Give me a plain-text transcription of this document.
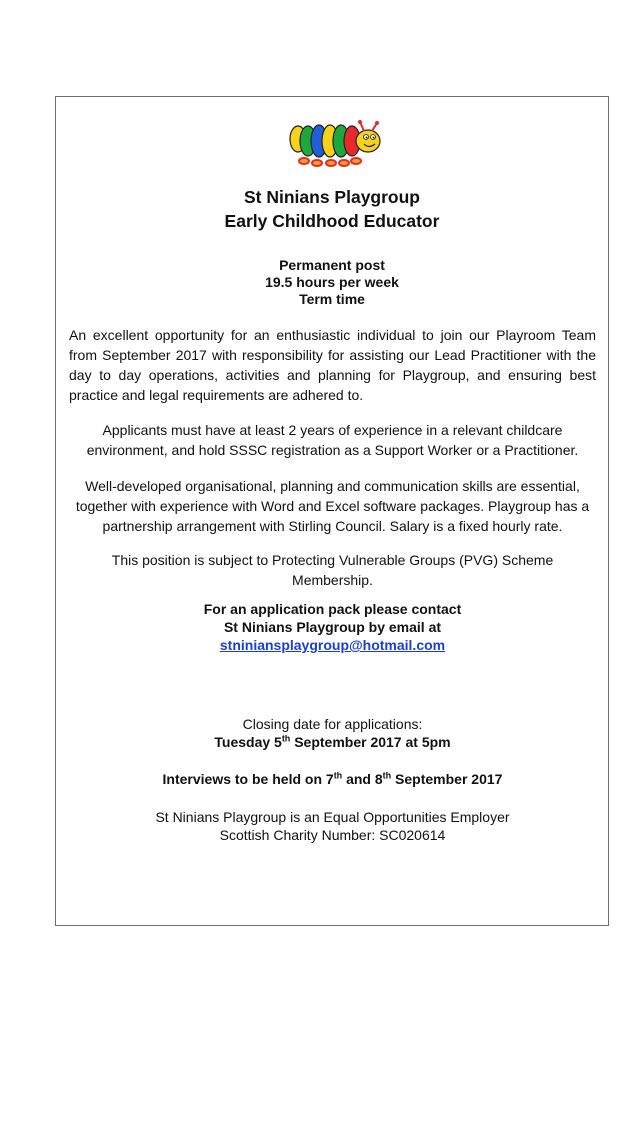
St Ninians Playgroup
Early Childhood Educator
Permanent post
19.5 hours per week
Term time
An excellent opportunity for an enthusiastic individual to join our Playroom Team from September 2017 with responsibility for assisting our Lead Practitioner with the day to day operations, activities and planning for Playgroup, and ensuring best practice and legal requirements are adhered to.
Applicants must have at least 2 years of experience in a relevant childcare environment, and hold SSSC registration as a Support Worker or a Practitioner.
Well-developed organisational, planning and communication skills are essential, together with experience with Word and Excel software packages. Playgroup has a partnership arrangement with Stirling Council. Salary is a fixed hourly rate.
This position is subject to Protecting Vulnerable Groups (PVG) Scheme
Membership.
For an application pack please contact
St Ninians Playgroup by email at
stniniansplaygroup@hotmail.com
Closing date for applications:
Tuesday 5th September 2017 at 5pm
Interviews to be held on 7th and 8th September 2017
St Ninians Playgroup is an Equal Opportunities Employer
Scottish Charity Number: SC020614
